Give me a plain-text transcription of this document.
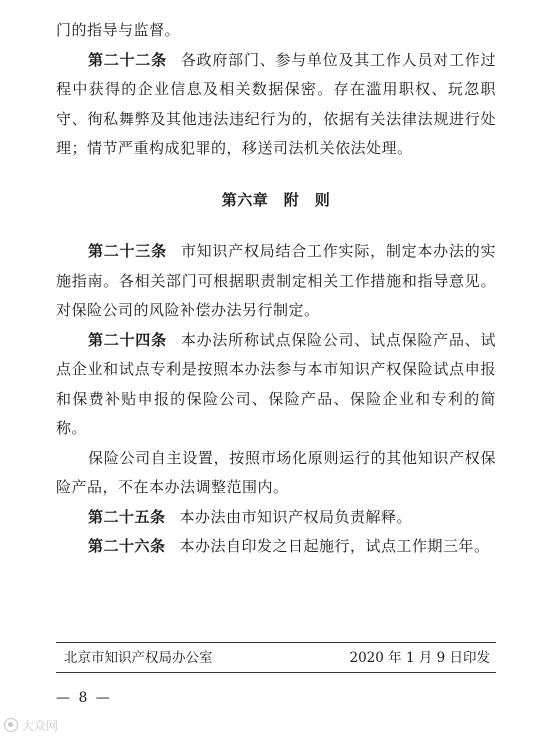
门的指导与监督。

第二十二条 各政府部门、参与单位及其工作人员对工作过程中获得的企业信息及相关数据保密。存在滥用职权、玩忽职守、徇私舞弊及其他违法违纪行为的，依据有关法律法规进行处理；情节严重构成犯罪的，移送司法机关依法处理。

第六章　附　则

第二十三条 市知识产权局结合工作实际，制定本办法的实施指南。各相关部门可根据职责制定相关工作措施和指导意见。对保险公司的风险补偿办法另行制定。

第二十四条 本办法所称试点保险公司、试点保险产品、试点企业和试点专利是按照本办法参与本市知识产权保险试点申报和保费补贴申报的保险公司、保险产品、保险企业和专利的简称。

保险公司自主设置，按照市场化原则运行的其他知识产权保险产品，不在本办法调整范围内。

第二十五条 本办法由市知识产权局负责解释。

第二十六条 本办法自印发之日起施行，试点工作期三年。

北京市知识产权局办公室	2020 年 1 月 9 日印发
— 8 —
大众网
